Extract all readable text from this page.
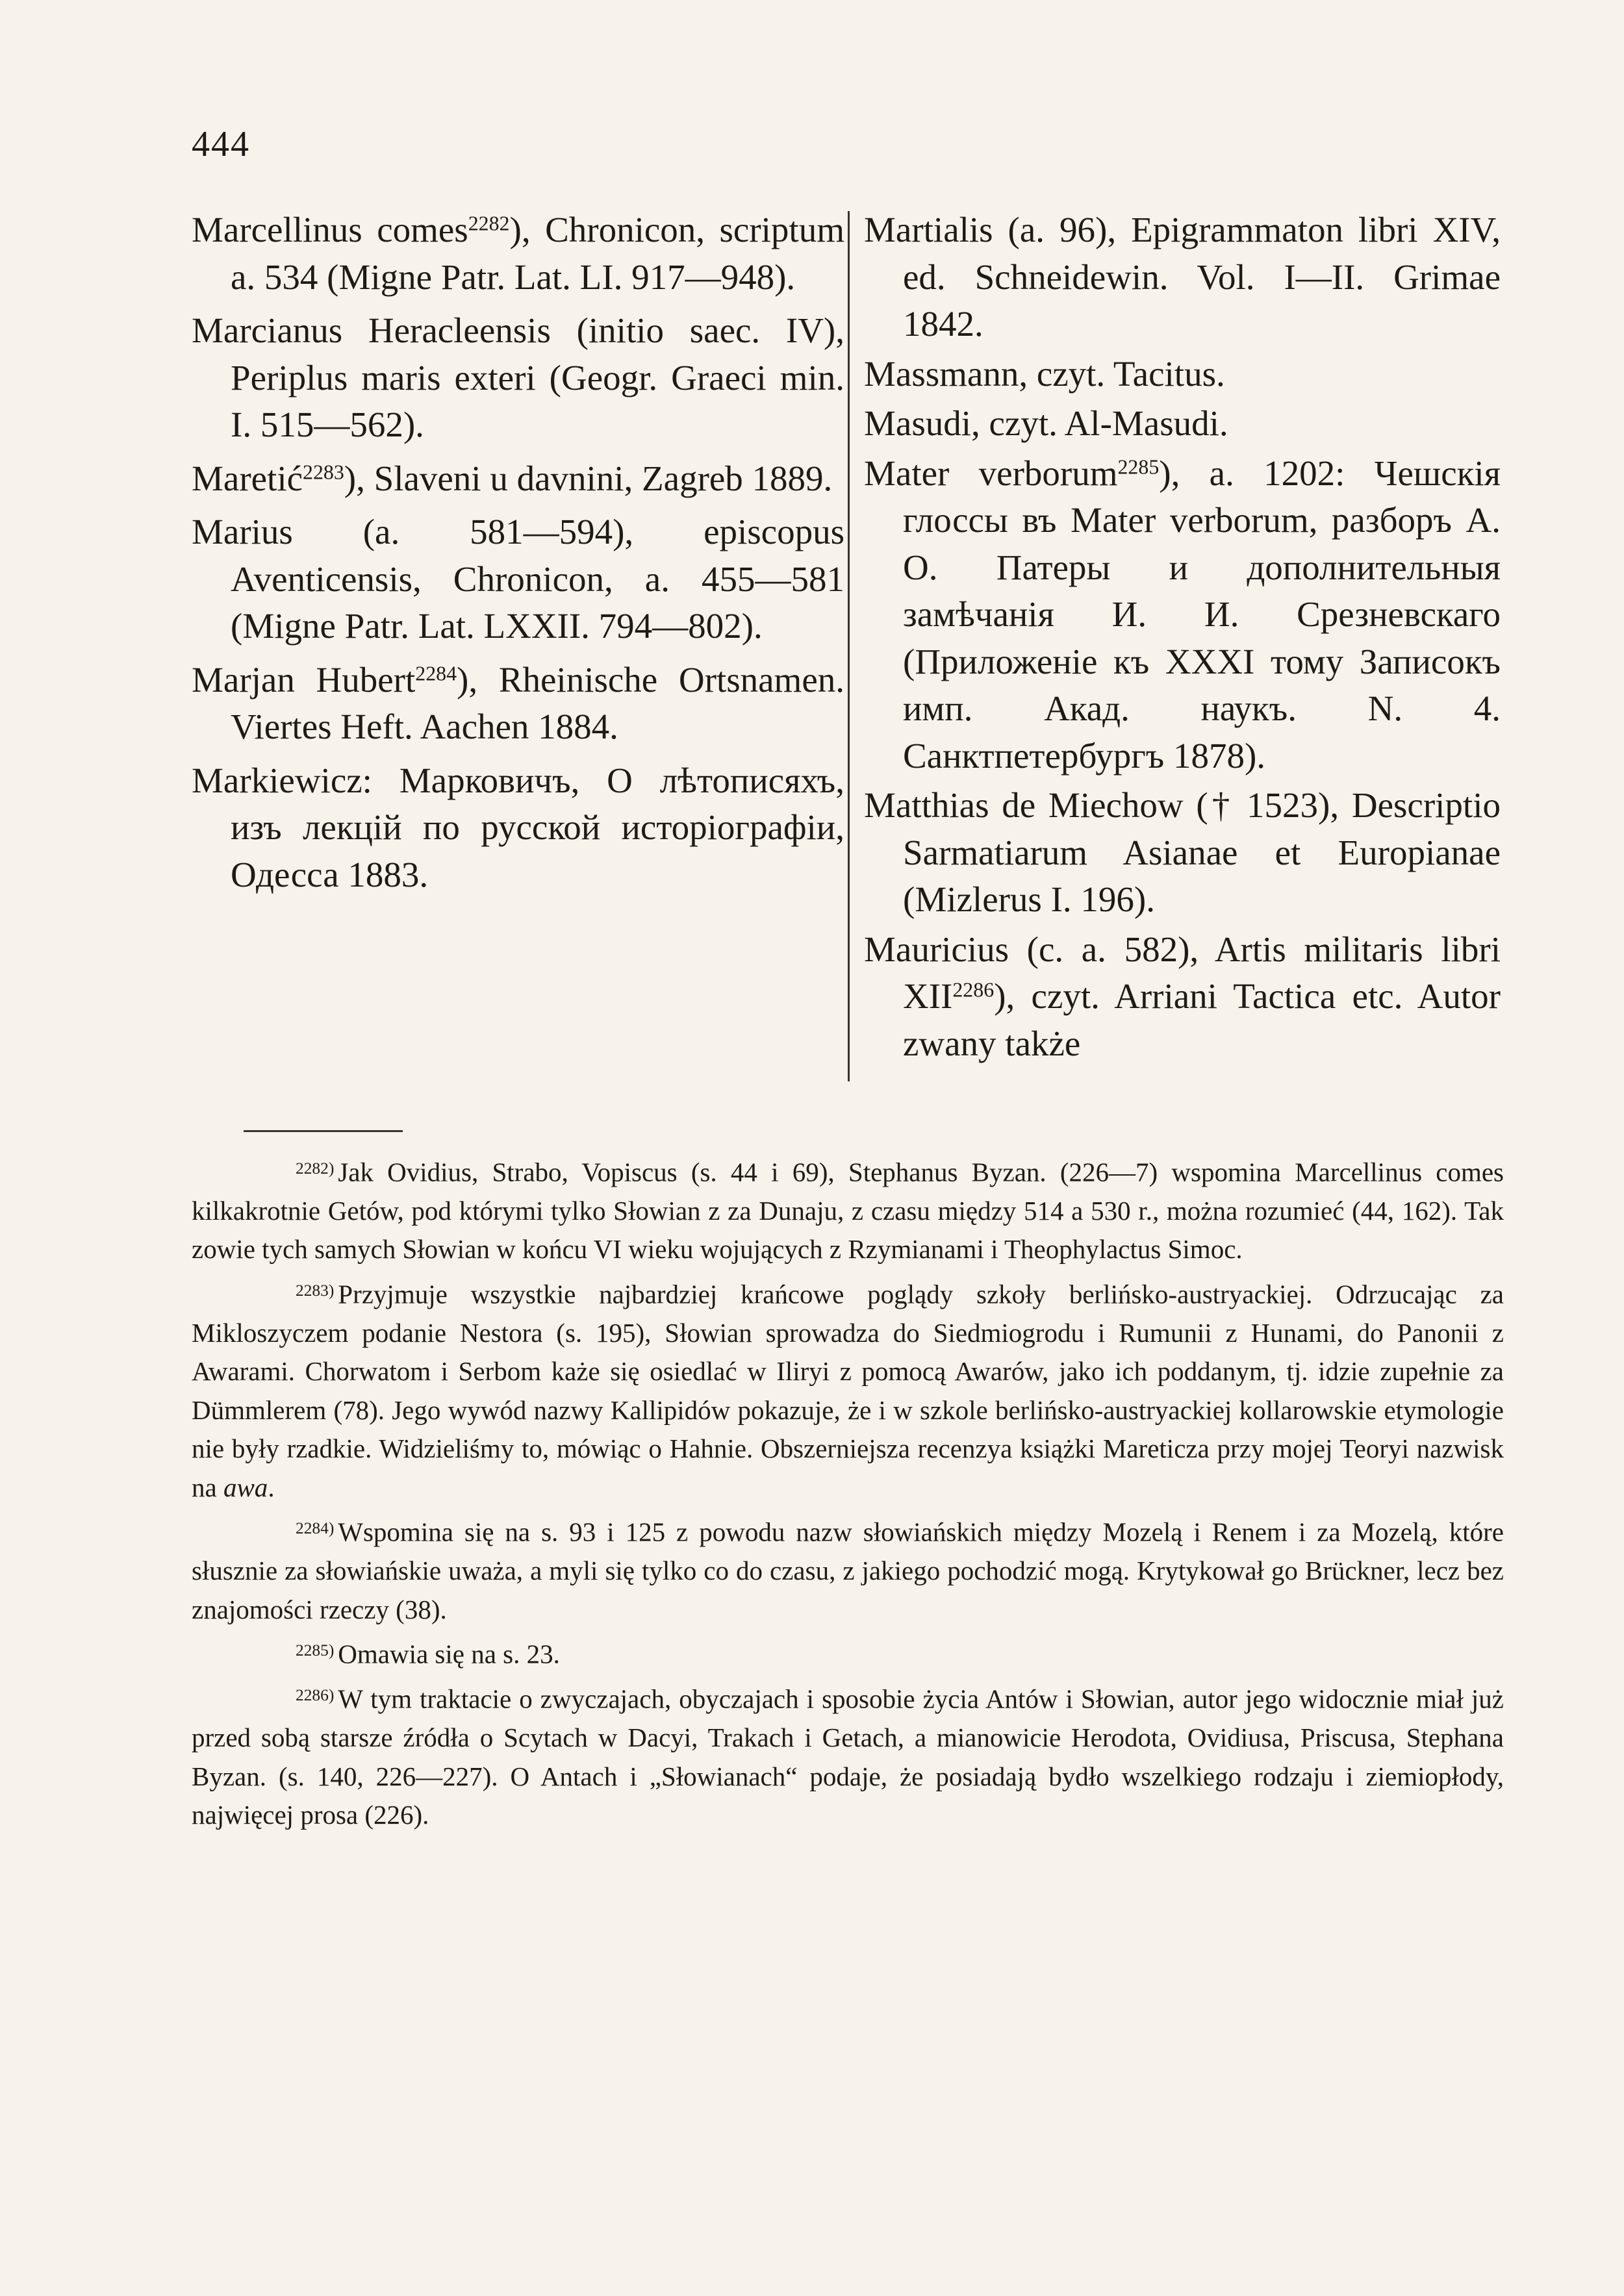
444

Marcellinus comes$^{2282}$), Chronicon, scriptum a. 534 (Migne Patr. Lat. LI. 917—948).

Marcianus Heracleensis (initio saec. IV), Periplus maris exteri (Geogr. Graeci min. I. 515—562).

Maretić$^{2283}$), Slaveni u davnini, Zagreb 1889.

Marius (a. 581—594), episcopus Aventicensis, Chronicon, a. 455—581 (Migne Patr. Lat. LXXII. 794—802).

Marjan Hubert$^{2284}$), Rheinische Ortsnamen. Viertes Heft. Aachen 1884.

Markiewicz: Марковичъ, О лѣтописяхъ, изъ лекцій по русской исторіографіи, Одесса 1883.

Martialis (a. 96), Epigrammaton libri XIV, ed. Schneidewin. Vol. I—II. Grimae 1842.

Massmann, czyt. Tacitus.

Masudi, czyt. Al-Masudi.

Mater verborum$^{2285}$), a. 1202: Чешскія глоссы въ Mater verborum, разборъ А. О. Патеры и дополнительныя замѣчанія И. И. Срезневскаго (Приложеніе къ XXXI тому Записокъ имп. Акад. наукъ. N. 4. Санктпетербургъ 1878).

Matthias de Miechow († 1523), Descriptio Sarmatiarum Asianae et Europianae (Mizlerus I. 196).

Mauricius (c. a. 582), Artis militaris libri $XII^{2286}$), czyt. Arriani Tactica etc. Autor zwany także

$^{2282)}$ Jak Ovidius, Strabo, Vopiscus (s. 44 i 69), Stephanus Byzan. (226—7) wspomina Marcellinus comes kilkakrotnie Getów, pod którymi tylko Słowian z za Dunaju, z czasu między 514 a 530 r., można rozumieć (44, 162). Tak zowie tych samych Słowian w końcu VI wieku wojujących z Rzymianami i Theophylactus Simoc.

$^{2283)}$ Przyjmuje wszystkie najbardziej krańcowe poglądy szkoły berlińsko-austryackiej. Odrzucając za Mikloszyczem podanie Nestora (s. 195), Słowian sprowadza do Siedmiogrodu i Rumunii z Hunami, do Panonii z Awarami. Chorwatom i Serbom każe się osiedlać w Iliryi z pomocą Awarów, jako ich poddanym, tj. idzie zupełnie za Dümmlerem (78). Jego wywód nazwy Kallipidów pokazuje, że i w szkole berlińsko-austryackiej kollarowskie etymologie nie były rzadkie. Widzieliśmy to, mówiąc o Hahnie. Obszerniejsza recenzya książki Mareticza przy mojej Teoryi nazwisk na awa.

$^{2284)}$ Wspomina się na s. 93 i 125 z powodu nazw słowiańskich między Mozelą i Renem i za Mozelą, które słusznie za słowiańskie uważa, a myli się tylko co do czasu, z jakiego pochodzić mogą. Krytykował go Brückner, lecz bez znajomości rzeczy (38).

$^{2285)}$ Omawia się na s. 23.

$^{2286)}$ W tym traktacie o zwyczajach, obyczajach i sposobie życia Antów i Słowian, autor jego widocznie miał już przed sobą starsze źródła o Scytach w Dacyi, Trakach i Getach, a mianowicie Herodota, Ovidiusa, Priscusa, Stephana Byzan. (s. 140, 226—227). O Antach i „Słowianach“ podaje, że posiadają bydło wszelkiego rodzaju i ziemiopłody, najwięcej prosa (226).
